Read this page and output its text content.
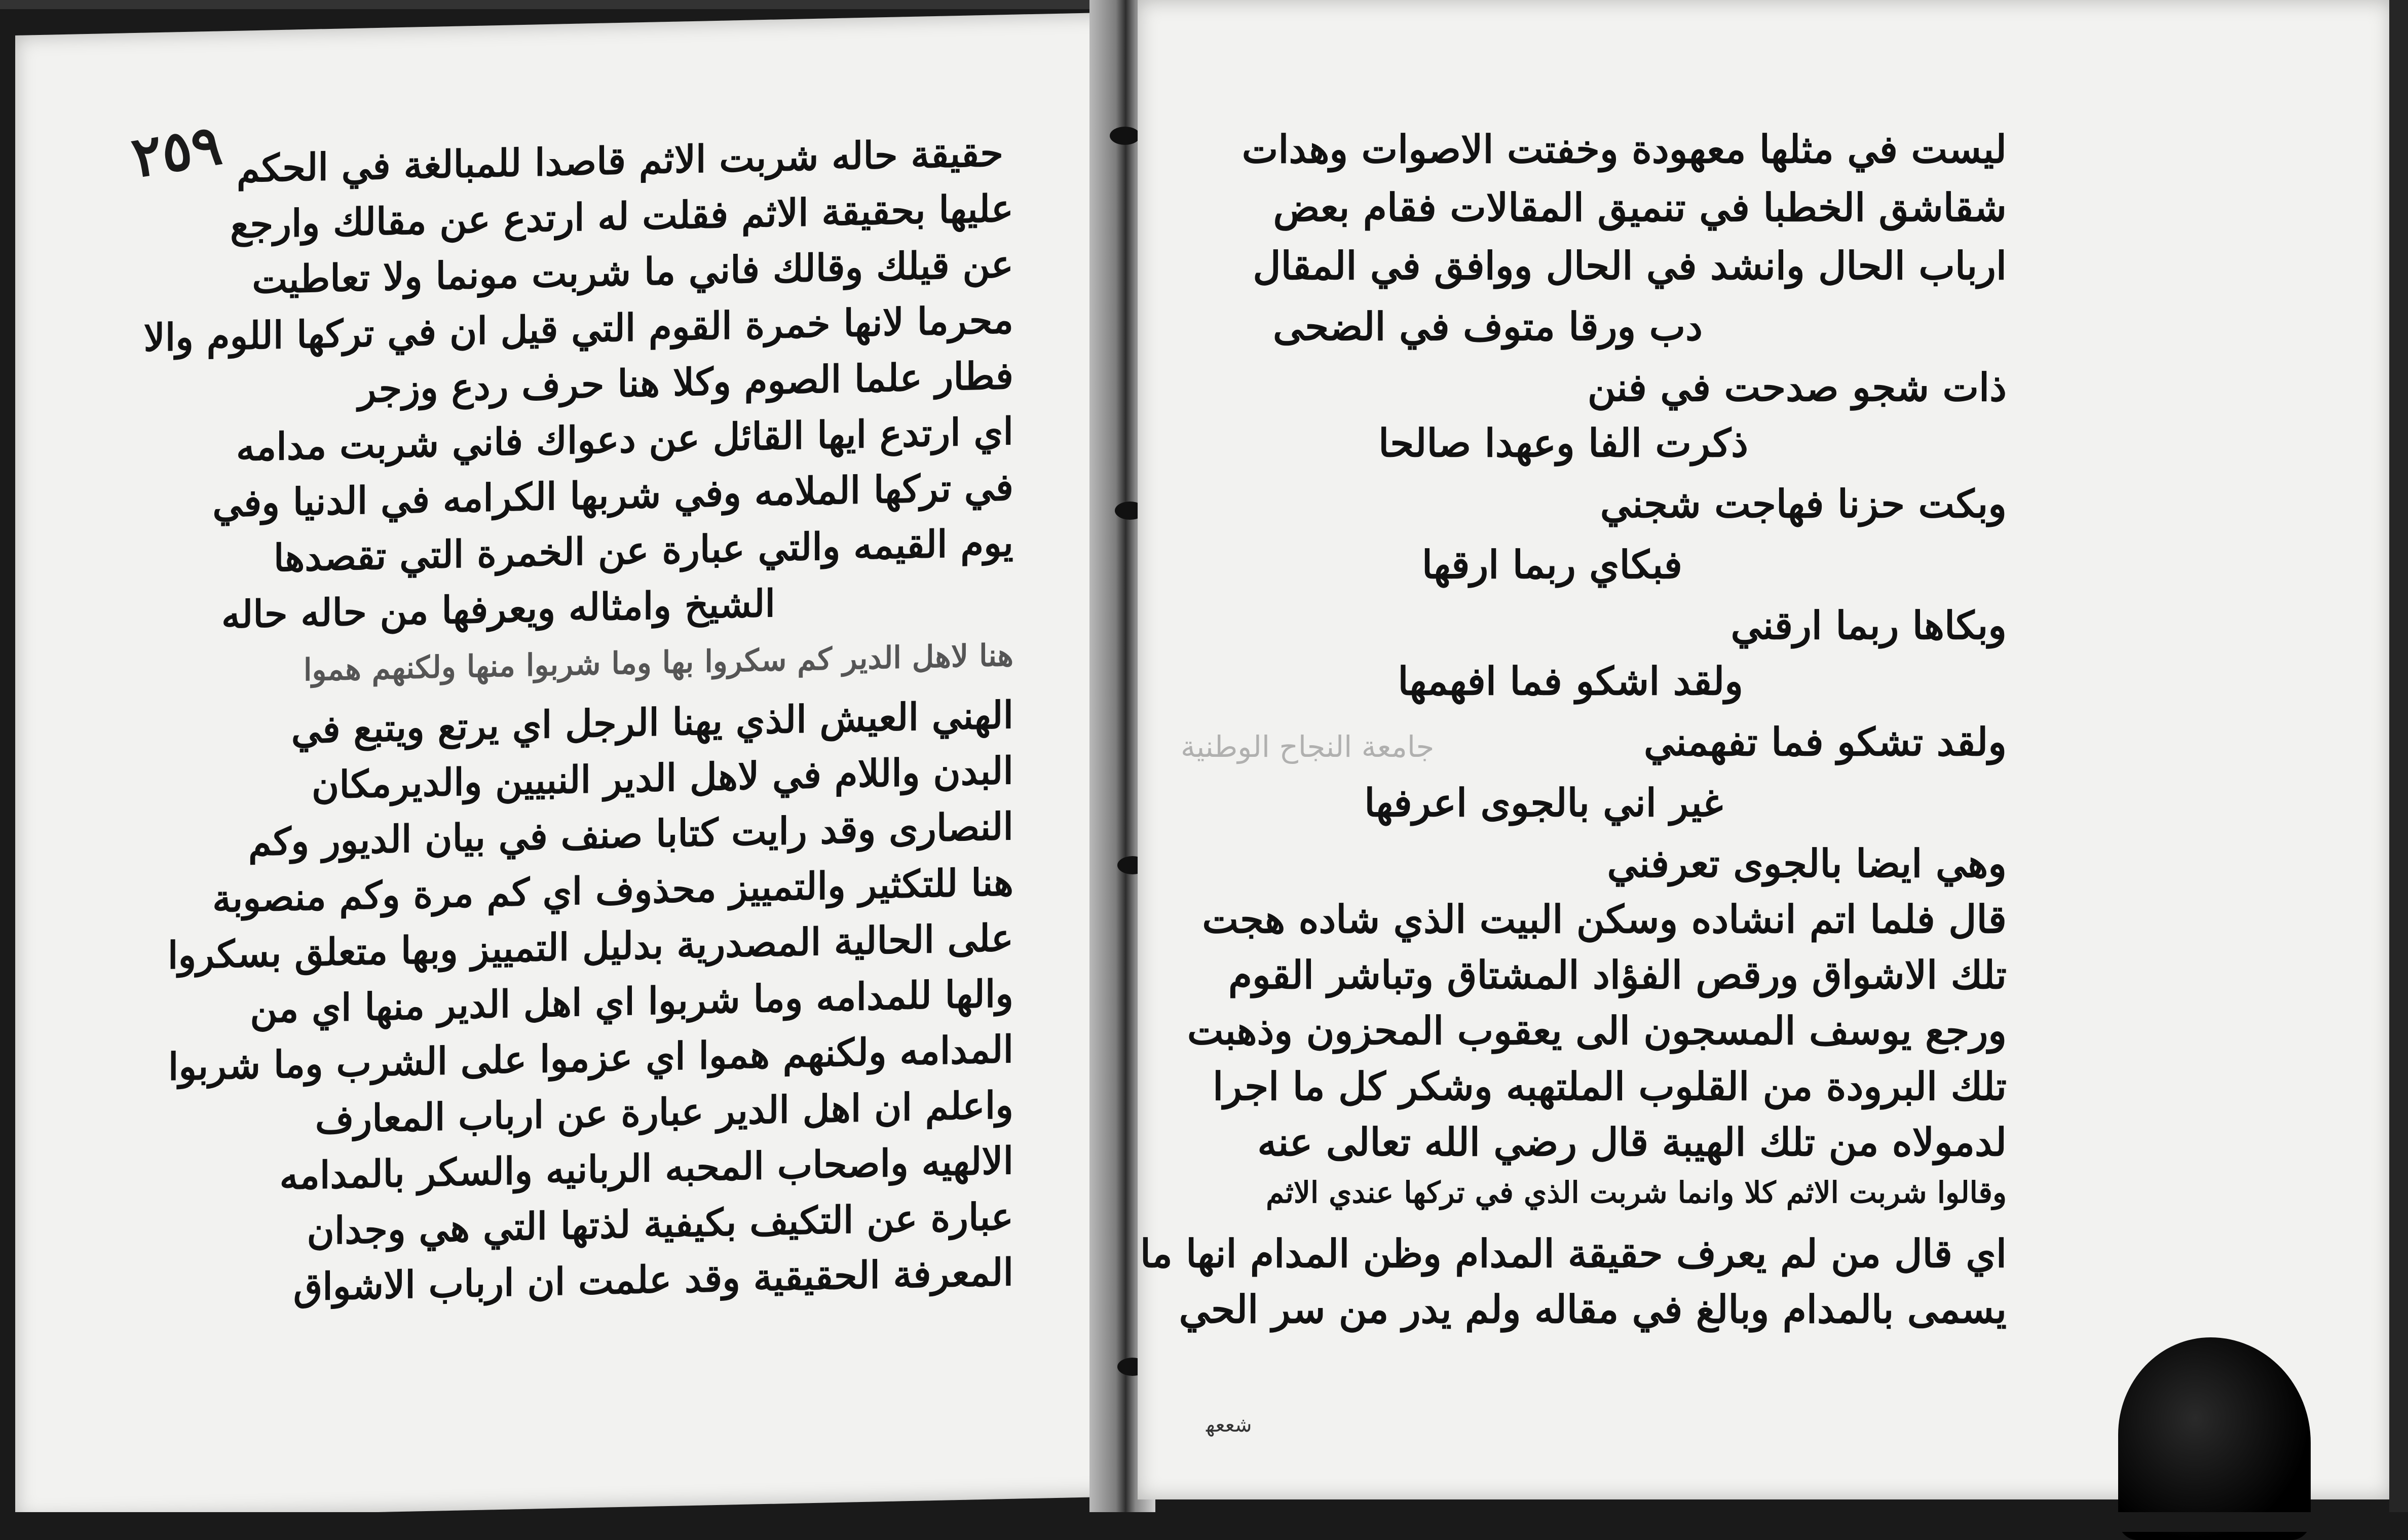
٢٥٩ حقيقة حاله شربت الاثم قاصدا للمبالغة في الحكم
عليها بحقيقة الاثم فقلت له ارتدع عن مقالك وارجع
عن قيلك وقالك فاني ما شربت مونما ولا تعاطيت
محرما لانها خمرة القوم التي قيل ان في تركها اللوم والا
فطار علما الصوم وكلا هنا حرف ردع وزجر
اي ارتدع ايها القائل عن دعواك فاني شربت مدامه
في تركها الملامه وفي شربها الكرامه في الدنيا وفي
يوم القيمه والتي عبارة عن الخمرة التي تقصدها
الشيخ وامثاله ويعرفها من حاله حاله
هنا لاهل الدير كم سكروا بها وما شربوا منها ولكنهم هموا
الهني العيش الذي يهنا الرجل اي يرتع ويتبع في
البدن واللام في لاهل الدير النبيين والديرمكان
النصارى وقد رايت كتابا صنف في بيان الديور وكم
هنا للتكثير والتمييز محذوف اي كم مرة وكم منصوبة
على الحالية المصدرية بدليل التمييز وبها متعلق بسكروا
والها للمدامه وما شربوا اي اهل الدير منها اي من
المدامه ولكنهم هموا اي عزموا على الشرب وما شربوا
واعلم ان اهل الدير عبارة عن ارباب المعارف
الالهيه واصحاب المحبه الربانيه والسكر بالمدامه
عبارة عن التكيف بكيفية لذتها التي هي وجدان
المعرفة الحقيقية وقد علمت ان ارباب الاشواق
ليست في مثلها معهودة وخفتت الاصوات وهدات
شقاشق الخطبا في تنميق المقالات فقام بعض
ارباب الحال وانشد في الحال ووافق في المقال
دب ورقا متوف في الضحى
ذات شجو صدحت في فنن
ذكرت الفا وعهدا صالحا
وبكت حزنا فهاجت شجني
فبكاي ربما ارقها
وبكاها ربما ارقني
ولقد اشكو فما افهمها
ولقد تشكو فما تفهمني
غير اني بالجوى اعرفها
وهي ايضا بالجوى تعرفني
قال فلما اتم انشاده وسكن البيت الذي شاده هجت
تلك الاشواق ورقص الفؤاد المشتاق وتباشر القوم
ورجع يوسف المسجون الى يعقوب المحزون وذهبت
تلك البرودة من القلوب الملتهبه وشكر كل ما اجرا
لدمولاه من تلك الهيبة قال رضي الله تعالى عنه
وقالوا شربت الاثم كلا وانما شربت الذي في تركها عندي الاثم
اي قال من لم يعرف حقيقة المدام وظن المدام انها ما
يسمى بالمدام وبالغ في مقاله ولم يدر من سر الحي
جامعة النجاح الوطنية
ﺷﻌﻌﻬ
